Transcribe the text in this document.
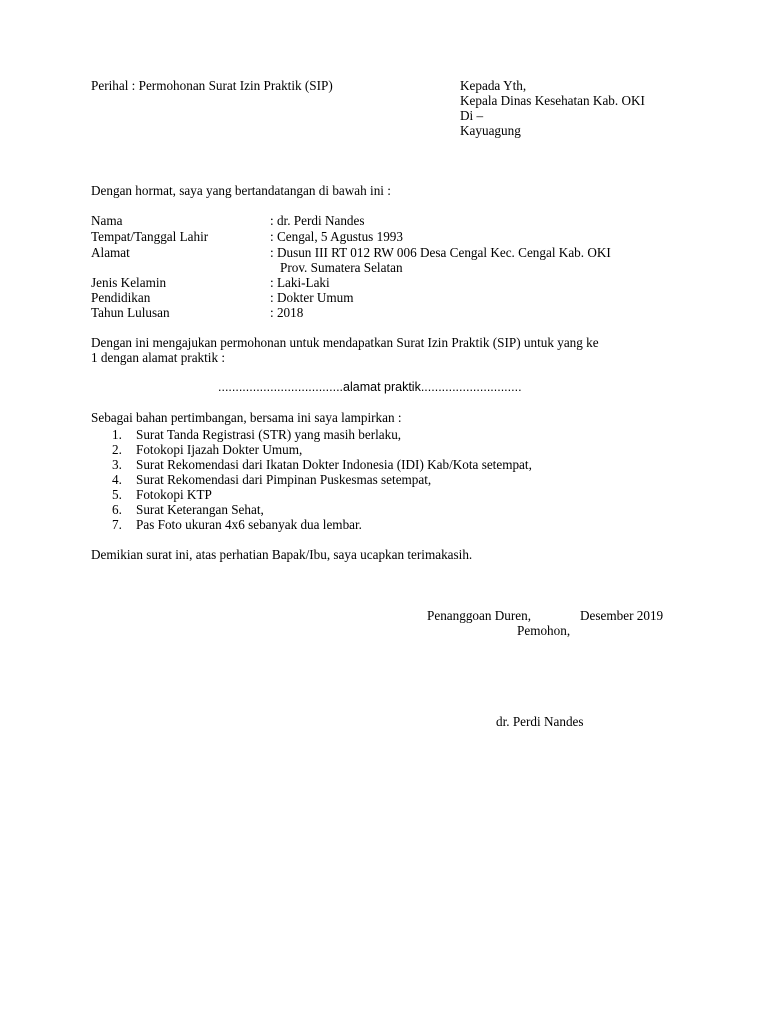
Perihal : Permohonan Surat Izin Praktik (SIP)	Kepada Yth,
Kepala Dinas Kesehatan Kab. OKI
Di –
Kayuagung
Dengan hormat, saya yang bertandatangan di bawah ini :
Nama	: dr. Perdi Nandes
Tempat/Tanggal Lahir	: Cengal, 5 Agustus 1993
Alamat	: Dusun III RT 012 RW 006 Desa Cengal Kec. Cengal Kab. OKI
Prov. Sumatera Selatan
Jenis Kelamin	: Laki-Laki
Pendidikan	: Dokter Umum
Tahun Lulusan	: 2018
Dengan ini mengajukan permohonan untuk mendapatkan Surat Izin Praktik (SIP) untuk yang ke
1 dengan alamat praktik :
....................................alamat praktik.............................
Sebagai bahan pertimbangan, bersama ini saya lampirkan :
1. Surat Tanda Registrasi (STR) yang masih berlaku,
2. Fotokopi Ijazah Dokter Umum,
3. Surat Rekomendasi dari Ikatan Dokter Indonesia (IDI) Kab/Kota setempat,
4. Surat Rekomendasi dari Pimpinan Puskesmas setempat,
5. Fotokopi KTP
6. Surat Keterangan Sehat,
7. Pas Foto ukuran 4x6 sebanyak dua lembar.
Demikian surat ini, atas perhatian Bapak/Ibu, saya ucapkan terimakasih.
Penanggoan Duren,	Desember 2019
Pemohon,
dr. Perdi Nandes
